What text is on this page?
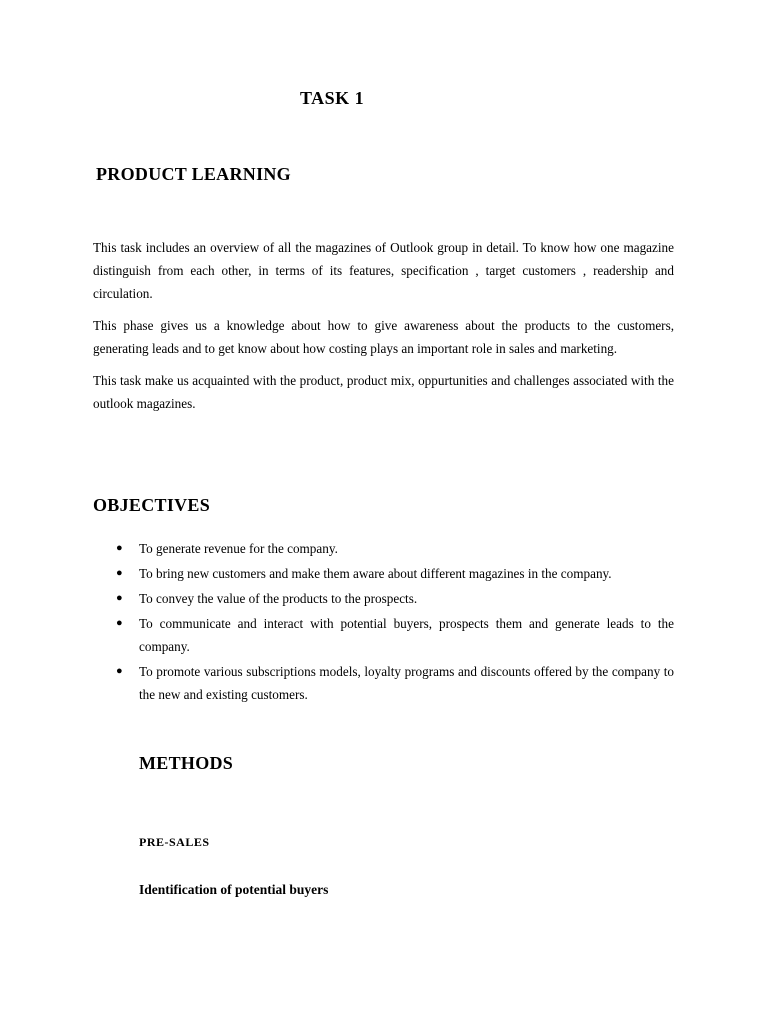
TASK 1
PRODUCT LEARNING

This task includes an overview of all the magazines of Outlook group in detail. To know how one magazine distinguish from each other, in terms of its features, specification , target customers , readership and circulation.

This phase gives us a knowledge about how to give awareness about the products to the customers, generating leads and to get know about how costing plays an important role in sales and marketing.

This task make us acquainted with the product, product mix, oppurtunities and challenges associated with the outlook magazines.

OBJECTIVES
● To generate revenue for the company.
● To bring new customers and make them aware about different magazines in the company.
● To convey the value of the products to the prospects.
● To communicate and interact with potential buyers, prospects them and generate leads to the company.
● To promote various subscriptions models, loyalty programs and discounts offered by the company to the new and existing customers.
METHODS
PRE-SALES
Identification of potential buyers
